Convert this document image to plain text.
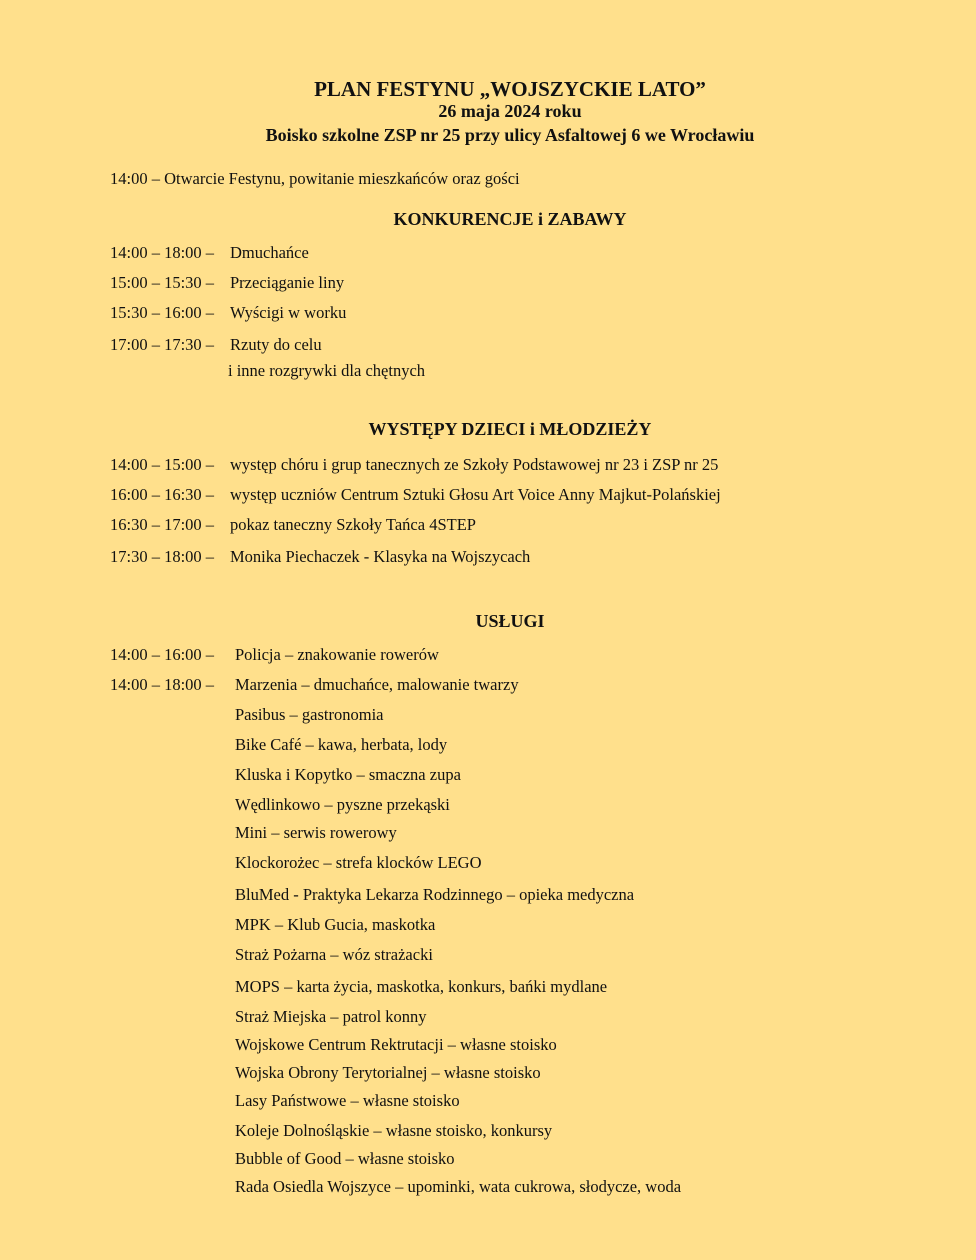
PLAN FESTYNU „WOJSZYCKIE LATO”
26 maja 2024 roku
Boisko szkolne ZSP nr 25 przy ulicy Asfaltowej 6 we Wrocławiu
14:00 – Otwarcie Festynu, powitanie mieszkańców oraz gości
KONKURENCJE i ZABAWY
14:00 – 18:00 – Dmuchańce
15:00 – 15:30 – Przeciąganie liny
15:30 – 16:00 – Wyścigi w worku
17:00 – 17:30 – Rzuty do celu
i inne rozgrywki dla chętnych
WYSTĘPY DZIECI i MŁODZIEŻY
14:00 – 15:00 – występ chóru i grup tanecznych ze Szkoły Podstawowej nr 23 i ZSP nr 25
16:00 – 16:30 – występ uczniów Centrum Sztuki Głosu Art Voice Anny Majkut-Polańskiej
16:30 – 17:00 – pokaz taneczny Szkoły Tańca 4STEP
17:30 – 18:00 – Monika Piechaczek - Klasyka na Wojszycach
USŁUGI
14:00 – 16:00 – Policja – znakowanie rowerów
14:00 – 18:00 – Marzenia – dmuchańce, malowanie twarzy
Pasibus – gastronomia
Bike Café – kawa, herbata, lody
Kluska i Kopytko – smaczna zupa
Wędlinkowo – pyszne przekąski
Mini – serwis rowerowy
Klockorożec – strefa klocków LEGO
BluMed - Praktyka Lekarza Rodzinnego – opieka medyczna
MPK – Klub Gucia, maskotka
Straż Pożarna – wóz strażacki
MOPS – karta życia, maskotka, konkurs, bańki mydlane
Straż Miejska – patrol konny
Wojskowe Centrum Rektrutacji – własne stoisko
Wojska Obrony Terytorialnej – własne stoisko
Lasy Państwowe – własne stoisko
Koleje Dolnośląskie – własne stoisko, konkursy
Bubble of Good – własne stoisko
Rada Osiedla Wojszyce – upominki, wata cukrowa, słodycze, woda
